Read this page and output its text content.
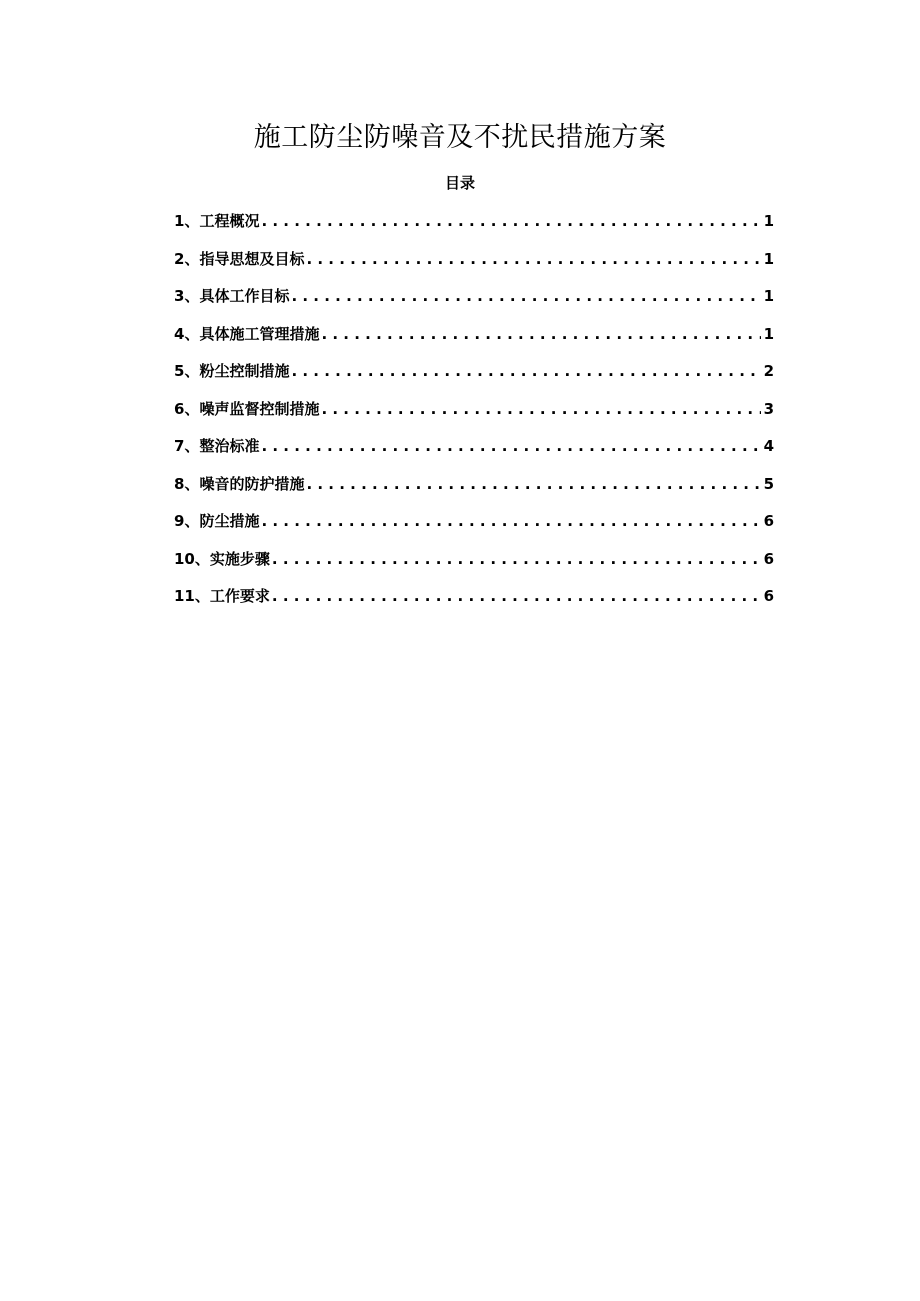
施工防尘防噪音及不扰民措施方案
目录
1 、 工程概况 . . .	1
2 、 指导思想及目标 . . .	1
3 、 具体工作目标 . . .	1
4 、 具体施工管理措施 . . .	1
5 、 粉尘控制措施 . . .	2
6 、 噪声监督控制措施 . . .	3
7 、 整治标准 . . .	4
8 、 噪音的防护措施 . . .	5
9 、 防尘措施 . . .	6
10 、 实施步骤 . . .	6
11 、 工作要求 . . .	6
